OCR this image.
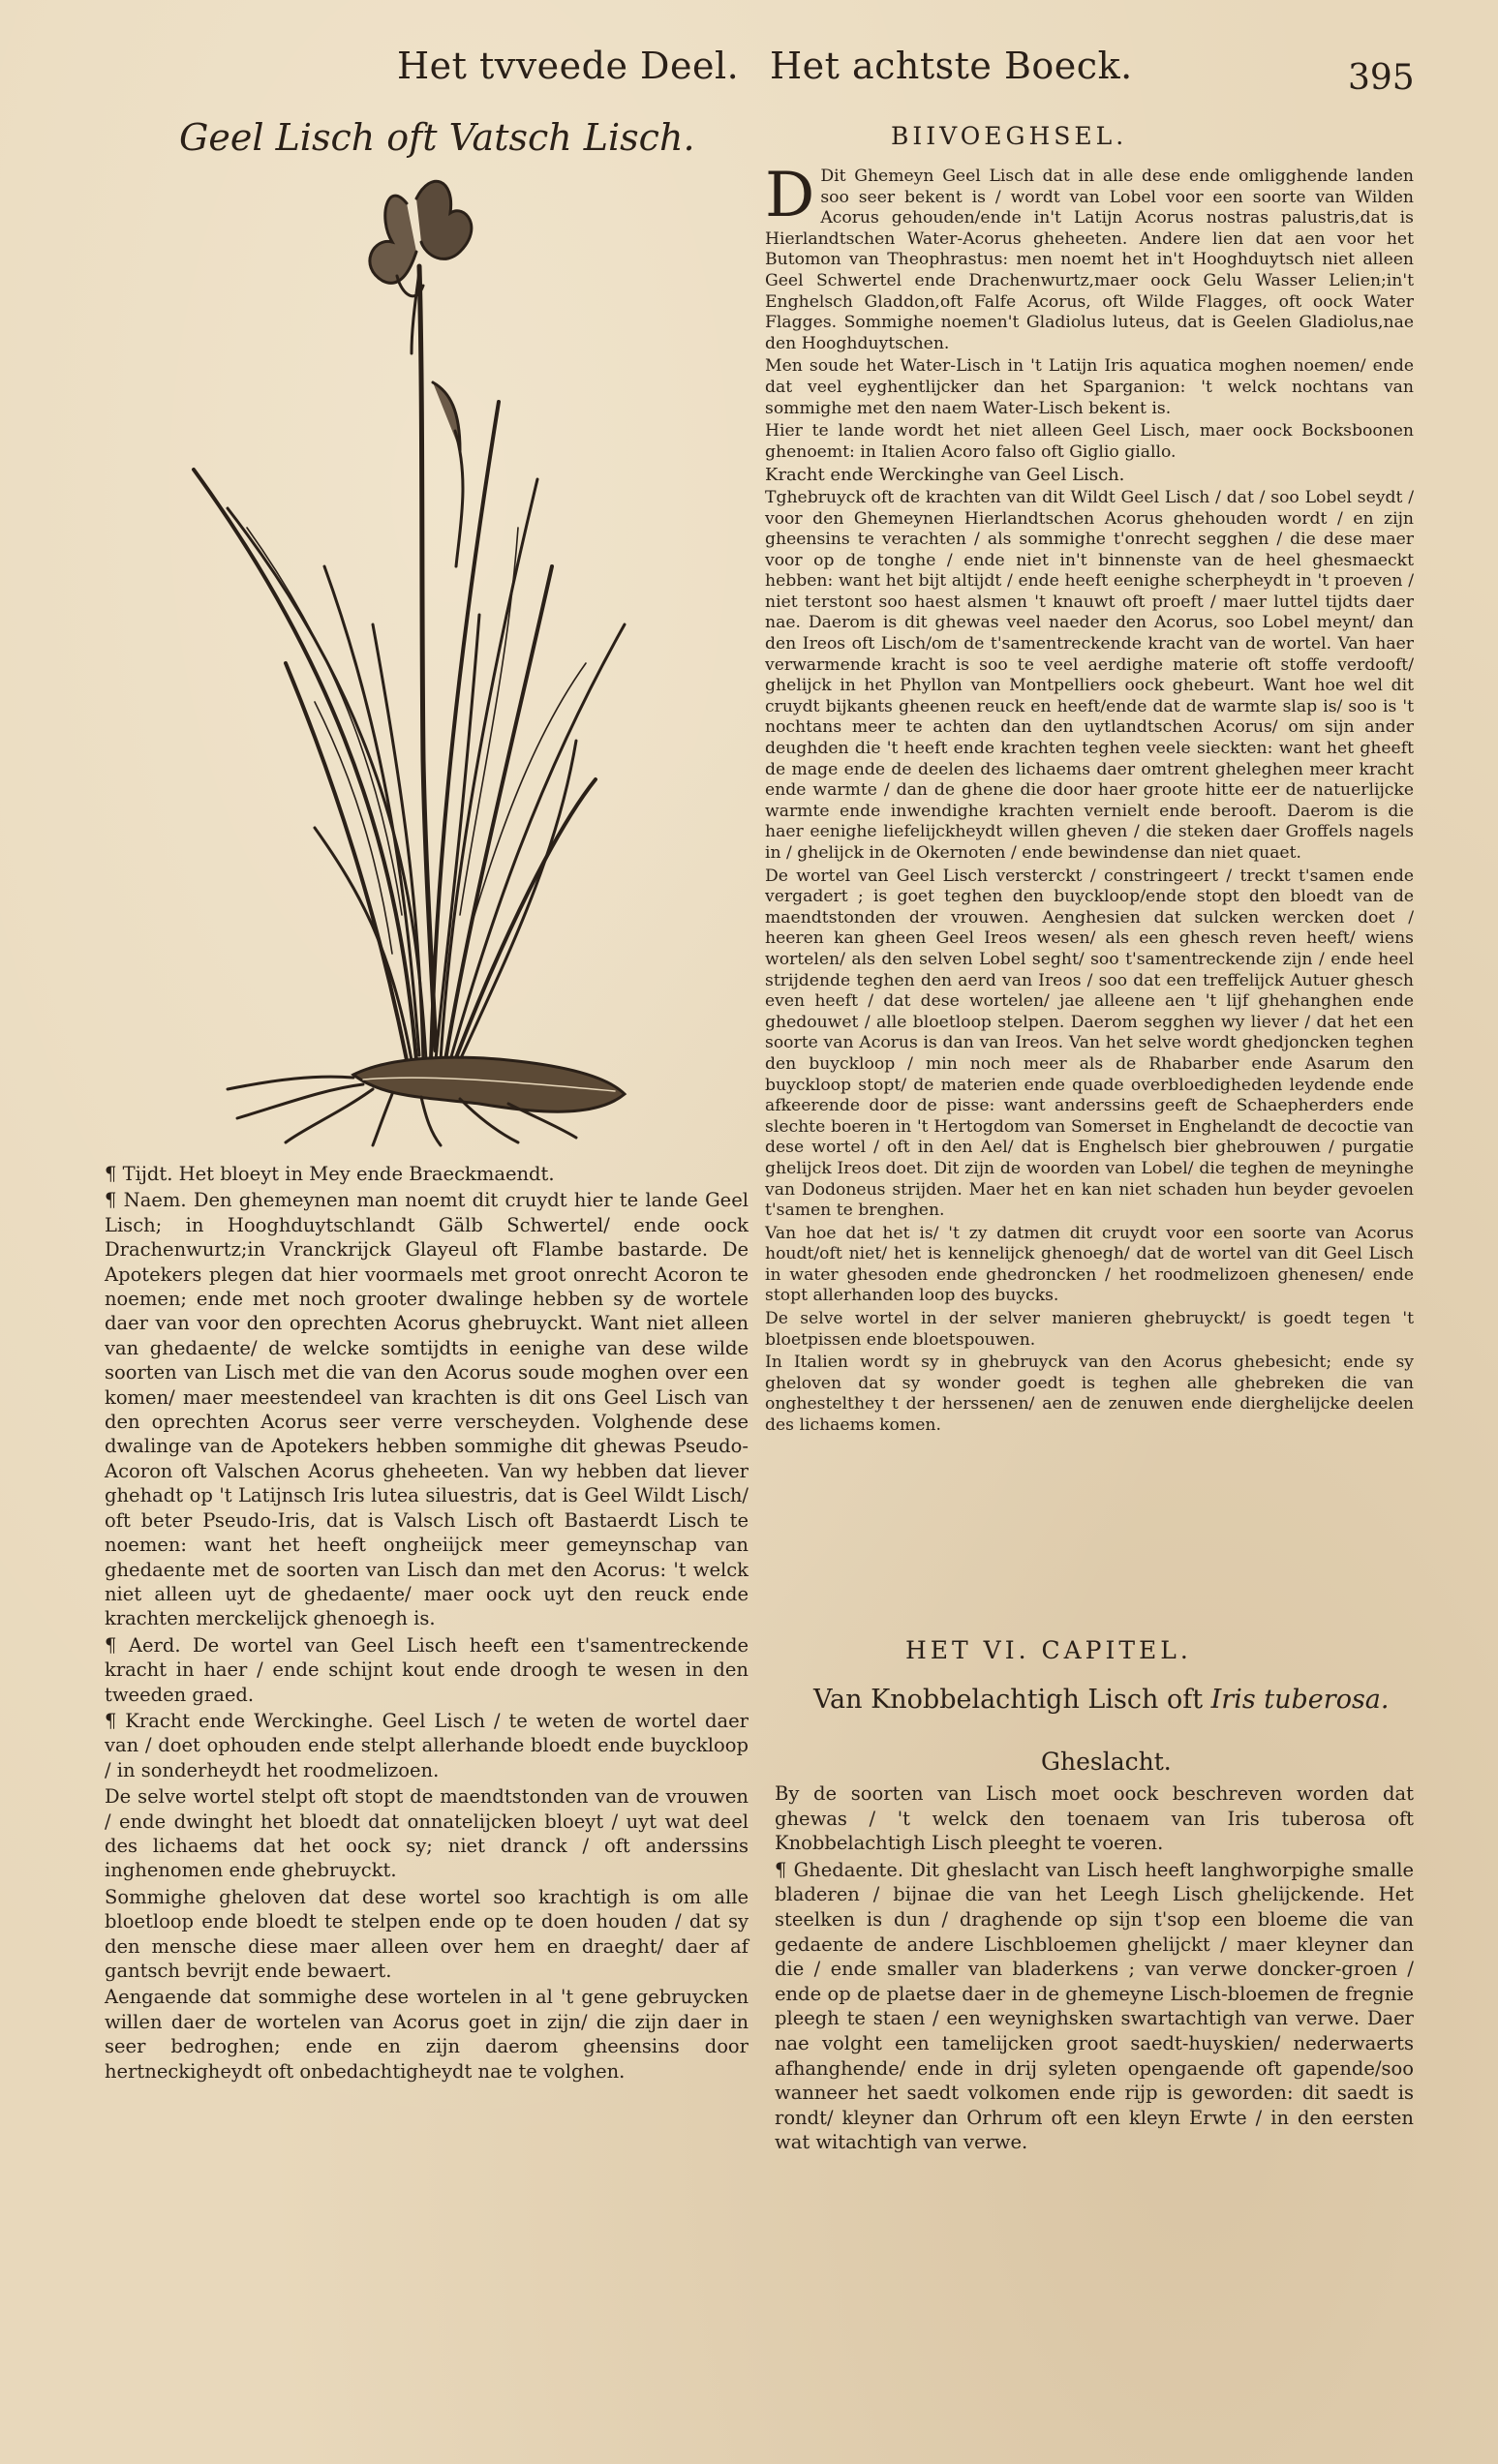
Het tvveede Deel. Het achtste Boeck.	395
Geel Lisch oft Vatsch Lisch.

¶ Tijdt. Het bloeyt in Mey ende Braeckmaendt.

¶ Naem. Den ghemeynen man noemt dit cruydt hier te lande Geel Lisch; in Hooghduytschlandt Gälb Schwertel/ ende oock Drachenwurtz;in Vranckrijck Glayeul oft Flambe bastarde. De Apotekers plegen dat hier voormaels met groot onrecht Acoron te noemen; ende met noch grooter dwalinge hebben sy de wortele daer van voor den oprechten Acorus ghebruyckt. Want niet alleen van ghedaente/ de welcke somtijdts in eenighe van dese wilde soorten van Lisch met die van den Acorus soude moghen over een komen/ maer meestendeel van krachten is dit ons Geel Lisch van den oprechten Acorus seer verre verscheyden. Volghende dese dwalinge van de Apotekers hebben sommighe dit ghewas Pseudo-Acoron oft Valschen Acorus gheheeten. Van wy hebben dat liever ghehadt op 't Latijnsch Iris lutea siluestris, dat is Geel Wildt Lisch/ oft beter Pseudo-Iris, dat is Valsch Lisch oft Bastaerdt Lisch te noemen: want het heeft ongheiijck meer gemeynschap van ghedaente met de soorten van Lisch dan met den Acorus: 't welck niet alleen uyt de ghedaente/ maer oock uyt den reuck ende krachten merckelijck ghenoegh is.

¶ Aerd. De wortel van Geel Lisch heeft een t'samentreckende kracht in haer / ende schijnt kout ende droogh te wesen in den tweeden graed.

¶ Kracht ende Werckinghe. Geel Lisch / te weten de wortel daer van / doet ophouden ende stelpt allerhande bloedt ende buyckloop / in sonderheydt het roodmelizoen.

De selve wortel stelpt oft stopt de maendtstonden van de vrouwen / ende dwinght het bloedt dat onnatelijcken bloeyt / uyt wat deel des lichaems dat het oock sy; niet dranck / oft anderssins inghenomen ende ghebruyckt.

Sommighe gheloven dat dese wortel soo krachtigh is om alle bloetloop ende bloedt te stelpen ende op te doen houden / dat sy den mensche diese maer alleen over hem en draeght/ daer af gantsch bevrijt ende bewaert.

Aengaende dat sommighe dese wortelen in al 't gene gebruycken willen daer de wortelen van Acorus goet in zijn/ die zijn daer in seer bedroghen; ende en zijn daerom gheensins door hertneckigheydt oft onbedachtigheydt nae te volghen.

BIIVOEGHSEL.

D Dit Ghemeyn Geel Lisch dat in alle dese ende omligghende landen soo seer bekent is / wordt van Lobel voor een soorte van Wilden Acorus gehouden/ende in't Latijn Acorus nostras palustris,dat is Hierlandtschen Water-Acorus gheheeten. Andere lien dat aen voor het Butomon van Theophrastus: men noemt het in't Hooghduytsch niet alleen Geel Schwertel ende Drachenwurtz,maer oock Gelu Wasser Lelien;in't Enghelsch Gladdon,oft Falfe Acorus, oft Wilde Flagges, oft oock Water Flagges. Sommighe noemen't Gladiolus luteus, dat is Geelen Gladiolus,nae den Hooghduytschen.

Men soude het Water-Lisch in 't Latijn Iris aquatica moghen noemen/ ende dat veel eyghentlijcker dan het Sparganion: 't welck nochtans van sommighe met den naem Water-Lisch bekent is.

Hier te lande wordt het niet alleen Geel Lisch, maer oock Bocksboonen ghenoemt: in Italien Acoro falso oft Giglio giallo.

Kracht ende Werckinghe van Geel Lisch.

Tghebruyck oft de krachten van dit Wildt Geel Lisch / dat / soo Lobel seydt / voor den Ghemeynen Hierlandtschen Acorus ghehouden wordt / en zijn gheensins te verachten / als sommighe t'onrecht segghen / die dese maer voor op de tonghe / ende niet in't binnenste van de heel ghesmaeckt hebben: want het bijt altijdt / ende heeft eenighe scherpheydt in 't proeven / niet terstont soo haest alsmen 't knauwt oft proeft / maer luttel tijdts daer nae. Daerom is dit ghewas veel naeder den Acorus, soo Lobel meynt/ dan den Ireos oft Lisch/om de t'samentreckende kracht van de wortel. Van haer verwarmende kracht is soo te veel aerdighe materie oft stoffe verdooft/ ghelijck in het Phyllon van Montpelliers oock ghebeurt. Want hoe wel dit cruydt bijkants gheenen reuck en heeft/ende dat de warmte slap is/ soo is 't nochtans meer te achten dan den uytlandtschen Acorus/ om sijn ander deughden die 't heeft ende krachten teghen veele sieckten: want het gheeft de mage ende de deelen des lichaems daer omtrent gheleghen meer kracht ende warmte / dan de ghene die door haer groote hitte eer de natuerlijcke warmte ende inwendighe krachten vernielt ende berooft. Daerom is die haer eenighe liefelijckheydt willen gheven / die steken daer Groffels nagels in / ghelijck in de Okernoten / ende bewindense dan niet quaet.

De wortel van Geel Lisch versterckt / constringeert / treckt t'samen ende vergadert ; is goet teghen den buyckloop/ende stopt den bloedt van de maendtstonden der vrouwen. Aenghesien dat sulcken wercken doet / heeren kan gheen Geel Ireos wesen/ als een ghesch reven heeft/ wiens wortelen/ als den selven Lobel seght/ soo t'samentreckende zijn / ende heel strijdende teghen den aerd van Ireos / soo dat een treffelijck Autuer ghesch even heeft / dat dese wortelen/ jae alleene aen 't lijf ghehanghen ende ghedouwet / alle bloetloop stelpen. Daerom segghen wy liever / dat het een soorte van Acorus is dan van Ireos. Van het selve wordt ghedjoncken teghen den buyckloop / min noch meer als de Rhabarber ende Asarum den buyckloop stopt/ de materien ende quade overbloedigheden leydende ende afkeerende door de pisse: want anderssins geeft de Schaepherders ende slechte boeren in 't Hertogdom van Somerset in Enghelandt de decoctie van dese wortel / oft in den Ael/ dat is Enghelsch bier ghebrouwen / purgatie ghelijck Ireos doet. Dit zijn de woorden van Lobel/ die teghen de meyninghe van Dodoneus strijden. Maer het en kan niet schaden hun beyder gevoelen t'samen te brenghen.

Van hoe dat het is/ 't zy datmen dit cruydt voor een soorte van Acorus houdt/oft niet/ het is kennelijck ghenoegh/ dat de wortel van dit Geel Lisch in water ghesoden ende ghedroncken / het roodmelizoen ghenesen/ ende stopt allerhanden loop des buycks.

De selve wortel in der selver manieren ghebruyckt/ is goedt tegen 't bloetpissen ende bloetspouwen.

In Italien wordt sy in ghebruyck van den Acorus ghebesicht; ende sy gheloven dat sy wonder goedt is teghen alle ghebreken die van onghestelthey t der herssenen/ aen de zenuwen ende dierghelijcke deelen des lichaems komen.

HET VI. CAPITEL.
Van Knobbelachtigh Lisch oft Iris tuberosa.
Gheslacht.

By de soorten van Lisch moet oock beschreven worden dat ghewas / 't welck den toenaem van Iris tuberosa oft Knobbelachtigh Lisch pleeght te voeren.

¶ Ghedaente. Dit gheslacht van Lisch heeft langhworpighe smalle bladeren / bijnae die van het Leegh Lisch ghelijckende. Het steelken is dun / draghende op sijn t'sop een bloeme die van gedaente de andere Lischbloemen ghelijckt / maer kleyner dan die / ende smaller van bladerkens ; van verwe doncker-groen / ende op de plaetse daer in de ghemeyne Lisch-bloemen de fregnie pleegh te staen / een weynighsken swartachtigh van verwe. Daer nae volght een tamelijcken groot saedt-huyskien/ nederwaerts afhanghende/ ende in drij syleten opengaende oft gapende/soo wanneer het saedt volkomen ende rijp is geworden: dit saedt is rondt/ kleyner dan Orhrum oft een kleyn Erwte / in den eersten wat witachtigh van verwe.
